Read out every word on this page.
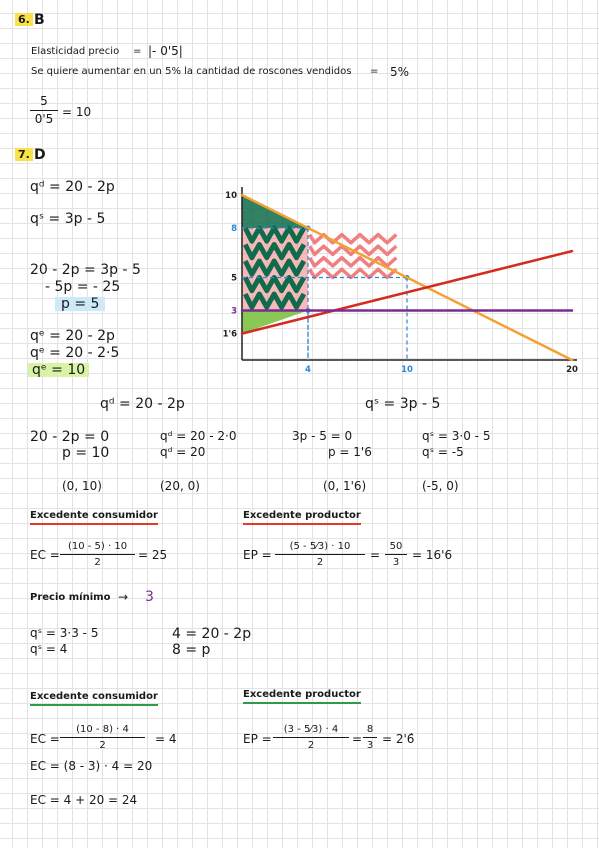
6. B
Elasticidad precio = |- 0'5|
Se quiere aumentar en un 5% la cantidad de roscones vendidos = 5%
5
0'5
= 10
7. D
qᵈ = 20 - 2p
qˢ = 3p - 5
20 - 2p = 3p - 5
- 5p = - 25
p = 5
qᵉ = 20 - 2p
qᵉ = 20 - 2·5
qᵉ = 10
10
8
5
3
1'6
4	10	20
qᵈ = 20 - 2p	qˢ = 3p - 5
20 - 2p = 0
p = 10
qᵈ = 20 - 2·0
qᵈ = 20
3p - 5 = 0
p = 1'6
qˢ = 3·0 - 5
qˢ = -5
(0, 10)	(20, 0)	(0, 1'6)	(-5, 0)
Excedente consumidor	Excedente productor
EC =
(10 - 5) · 10
2
= 25	EP =
(5 - 5⁄3) · 10
2
=
50
3
= 16'6
Precio mínimo → 3
qˢ = 3·3 - 5
qˢ = 4
4 = 20 - 2p
8 = p
Excedente consumidor	Excedente productor
EC =
(10 - 8) · 4
2	= 4
EC = (8 - 3) · 4 = 20
EC = 4 + 20 = 24
EP =
(3 - 5⁄3) · 4
2	=
8
3 = 2'6̂
